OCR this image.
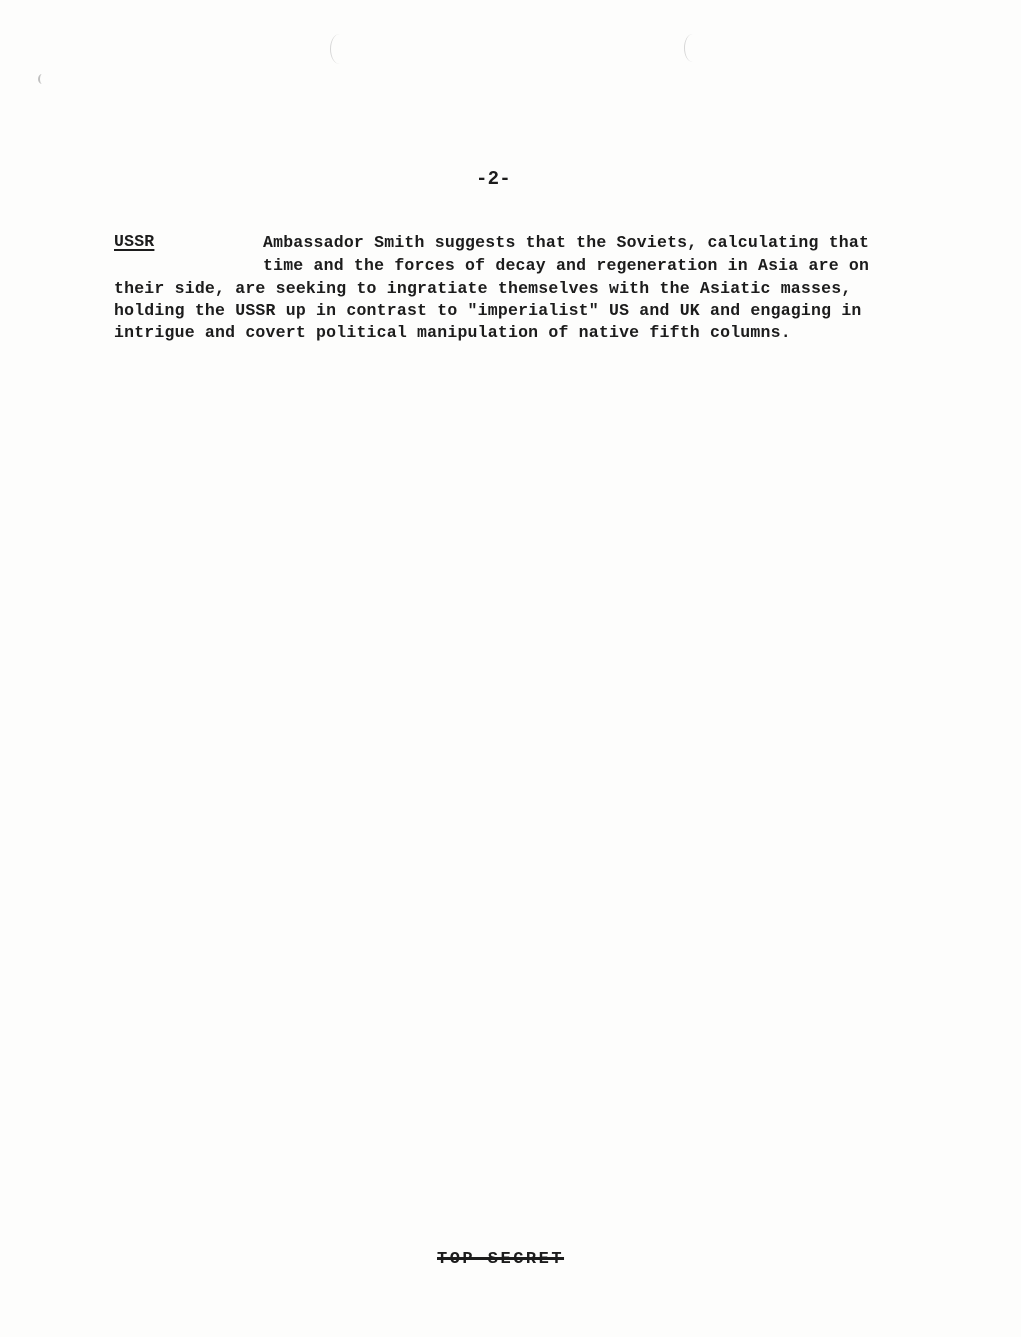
-2-
USSR	Ambassador Smith suggests that the Soviets, calculating that
time and the forces of decay and regeneration in Asia are on
their side, are seeking to ingratiate themselves with the Asiatic masses,
holding the USSR up in contrast to "imperialist" US and UK and engaging in
intrigue and covert political manipulation of native fifth columns.
TOP SECRET
